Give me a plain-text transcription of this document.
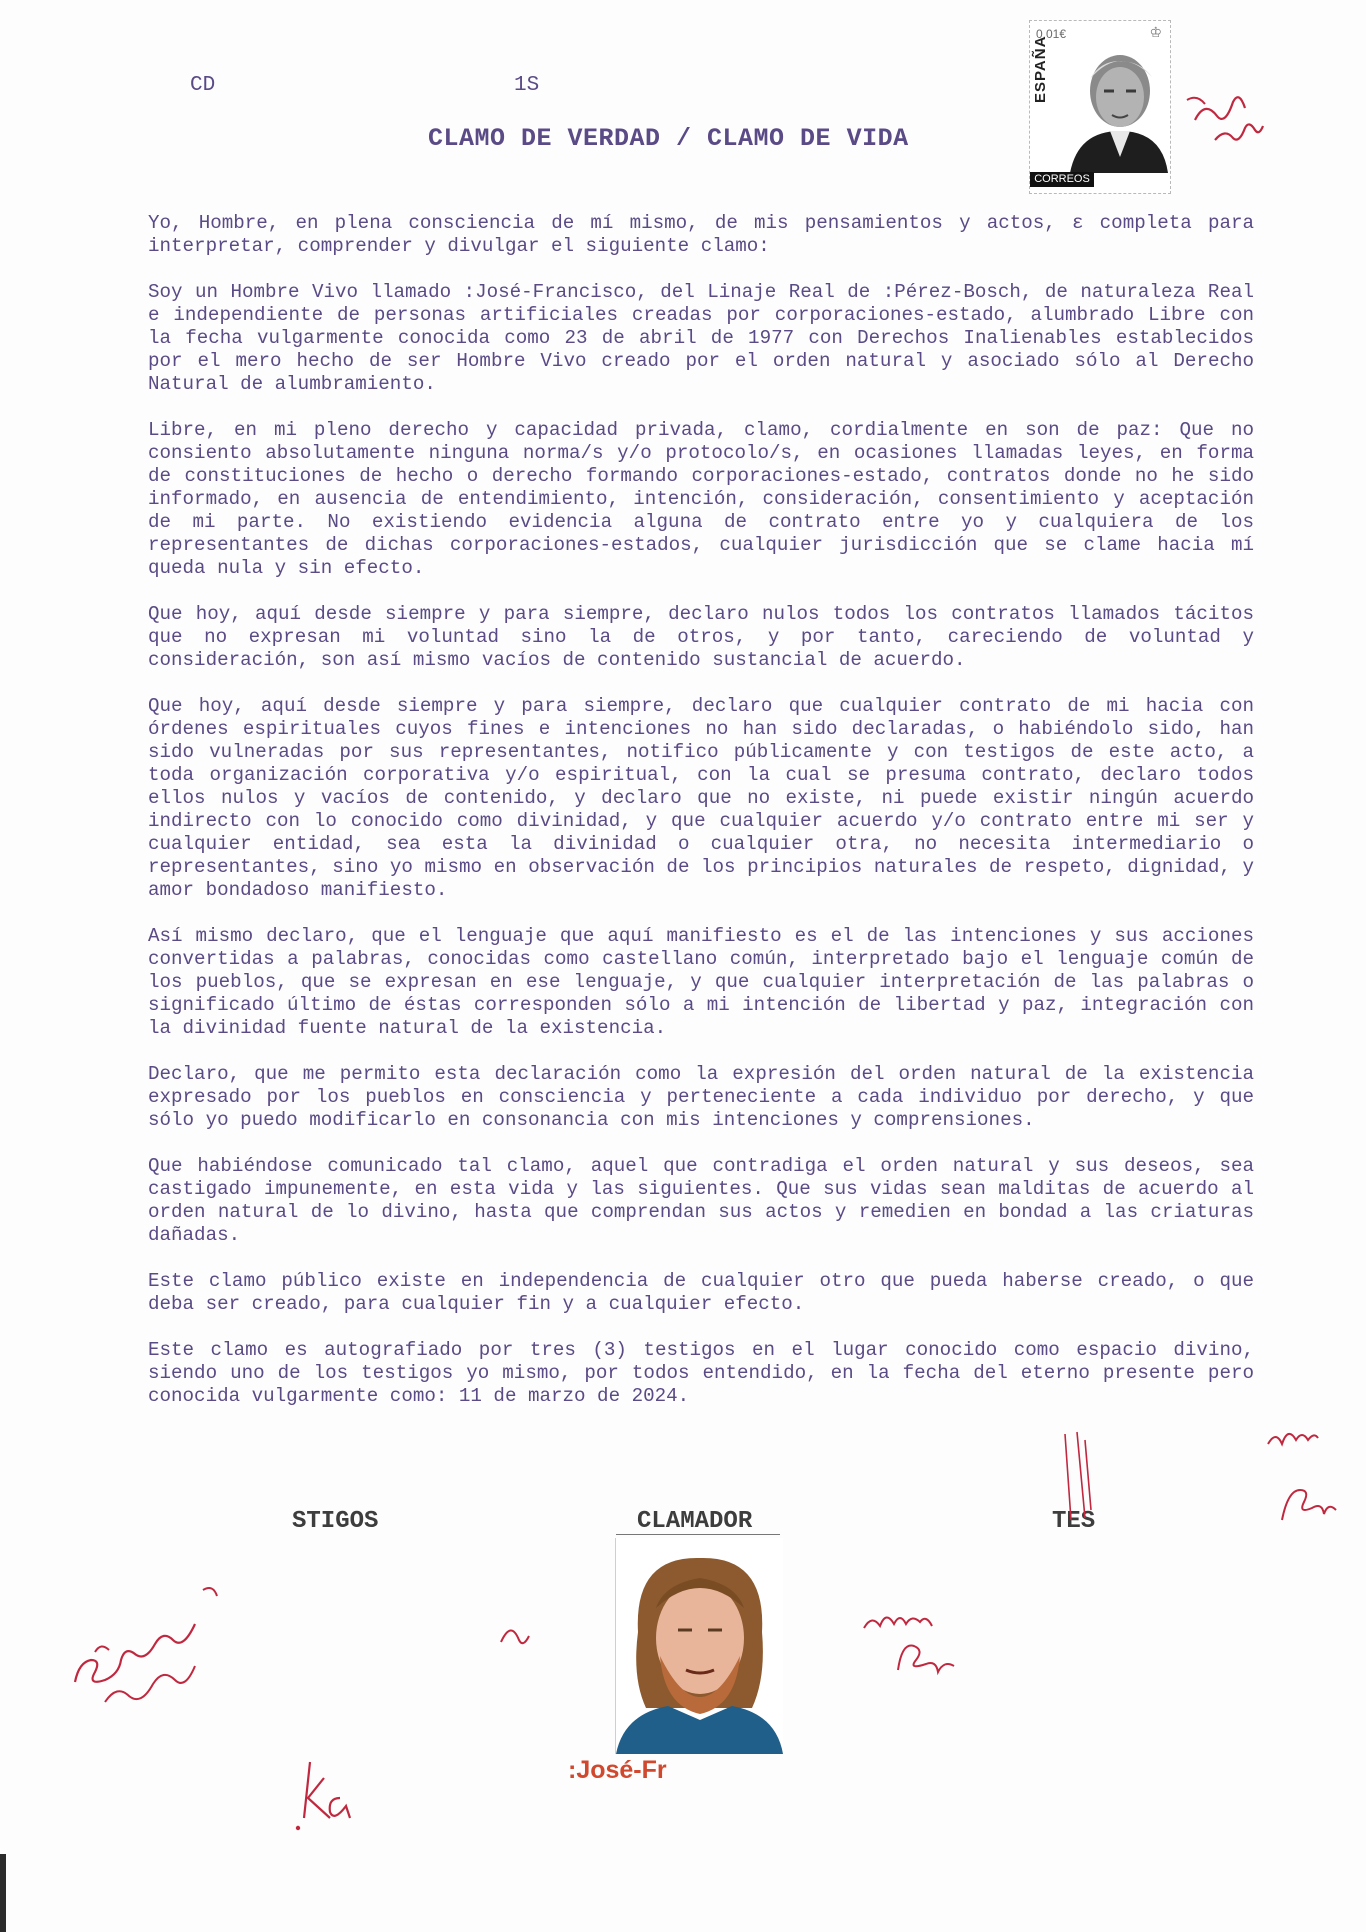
CD	1S
CLAMO DE VERDAD / CLAMO DE VIDA
0,01€	♔
ESPAÑA
CORREOS

Yo, Hombre, en plena consciencia de mí mismo, de mis pensamientos y actos, ε completa para interpretar, comprender y divulgar el siguiente clamo:

Soy un Hombre Vivo llamado :José-Francisco, del Linaje Real de :Pérez-Bosch, de naturaleza Real e independiente de personas artificiales creadas por corporaciones-estado, alumbrado Libre con la fecha vulgarmente conocida como 23 de abril de 1977 con Derechos Inalienables establecidos por el mero hecho de ser Hombre Vivo creado por el orden natural y asociado sólo al Derecho Natural de alumbramiento.

Libre, en mi pleno derecho y capacidad privada, clamo, cordialmente en son de paz: Que no consiento absolutamente ninguna norma/s y/o protocolo/s, en ocasiones llamadas leyes, en forma de constituciones de hecho o derecho formando corporaciones-estado, contratos donde no he sido informado, en ausencia de entendimiento, intención, consideración, consentimiento y aceptación de mi parte. No existiendo evidencia alguna de contrato entre yo y cualquiera de los representantes de dichas corporaciones-estados, cualquier jurisdicción que se clame hacia mí queda nula y sin efecto.

Que hoy, aquí desde siempre y para siempre, declaro nulos todos los contratos llamados tácitos que no expresan mi voluntad sino la de otros, y por tanto, careciendo de voluntad y consideración, son así mismo vacíos de contenido sustancial de acuerdo.

Que hoy, aquí desde siempre y para siempre, declaro que cualquier contrato de mi hacia con órdenes espirituales cuyos fines e intenciones no han sido declaradas, o habiéndolo sido, han sido vulneradas por sus representantes, notifico públicamente y con testigos de este acto, a toda organización corporativa y/o espiritual, con la cual se presuma contrato, declaro todos ellos nulos y vacíos de contenido, y declaro que no existe, ni puede existir ningún acuerdo indirecto con lo conocido como divinidad, y que cualquier acuerdo y/o contrato entre mi ser y cualquier entidad, sea esta la divinidad o cualquier otra, no necesita intermediario o representantes, sino yo mismo en observación de los principios naturales de respeto, dignidad, y amor bondadoso manifiesto.

Así mismo declaro, que el lenguaje que aquí manifiesto es el de las intenciones y sus acciones convertidas a palabras, conocidas como castellano común, interpretado bajo el lenguaje común de los pueblos, que se expresan en ese lenguaje, y que cualquier interpretación de las palabras o significado último de éstas corresponden sólo a mi intención de libertad y paz, integración con la divinidad fuente natural de la existencia.

Declaro, que me permito esta declaración como la expresión del orden natural de la existencia expresado por los pueblos en consciencia y perteneciente a cada individuo por derecho, y que sólo yo puedo modificarlo en consonancia con mis intenciones y comprensiones.

Que habiéndose comunicado tal clamo, aquel que contradiga el orden natural y sus deseos, sea castigado impunemente, en esta vida y las siguientes. Que sus vidas sean malditas de acuerdo al orden natural de lo divino, hasta que comprendan sus actos y remedien en bondad a las criaturas dañadas.

Este clamo público existe en independencia de cualquier otro que pueda haberse creado, o que deba ser creado, para cualquier fin y a cualquier efecto.

Este clamo es autografiado por tres (3) testigos en el lugar conocido como espacio divino, siendo uno de los testigos yo mismo, por todos entendido, en la fecha del eterno presente pero conocida vulgarmente como: 11 de marzo de 2024.

STIGOS	CLAMADOR	TES
:José-Fr
